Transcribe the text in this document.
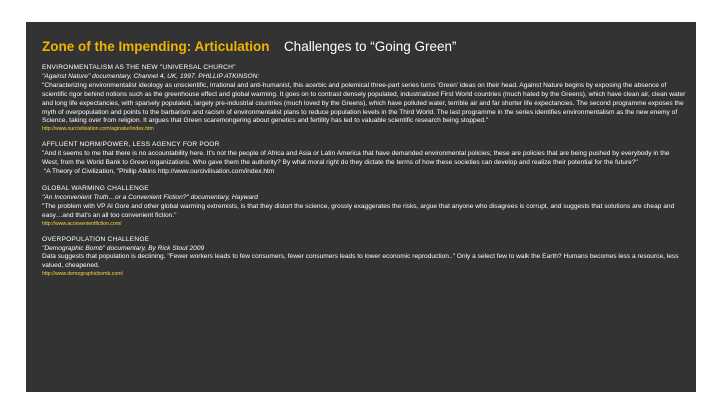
Zone of the Impending: Articulation Challenges to “Going Green”
ENVIRONMENTALISM AS THE NEW "UNIVERSAL CHURCH"
"Against Nature" documentary, Channel 4, UK, 1997. PHILLIP ATKINSON:
"Characterizing environmentalist ideology as unscientific, irrational and anti-humanist, this acerbic and polemical three-part series turns 'Green' ideas on their head. Against Nature begins by exposing the absence of scientific rigor behind notions such as the greenhouse effect and global warming. It goes on to contrast densely populated, industrialized First World countries (much hated by the Greens), which have clean air, clean water and long life expectancies, with sparsely populated, largely pre-industrial countries (much loved by the Greens), which have polluted water, terrible air and far shorter life expectancies. The second programme exposes the myth of overpopulation and points to the barbarism and racism of environmentalist plans to reduce population levels in the Third World. The last programme in the series identifies environmentalism as the new enemy of Science, taking over from religion. It argues that Green scaremongering about genetics and fertility has led to valuable scientific research being stopped."
http://www.ourcivilisation.com/aginatur/index.htm
AFFLUENT NORM/POWER, LESS AGENCY FOR POOR
"And it seems to me that there is no accountability here. It's not the people of Africa and Asia or Latin America that have demanded environmental policies; these are policies that are being pushed by everybody in the West, from the World Bank to Green organizations. Who gave them the authority? By what moral right do they dictate the terms of how these societies can develop and realize their potential for the future?"
“A Theory of Civilization, ”Phillip Atkins http://www.ourcivilisation.com/index.htm
GLOBAL WARMING CHALLENGE
"An Inconvenient Truth…or a Convenient Fiction?" documentary, Hayward
"The problem with VP Al Gore and other global warming extremists, is that they distort the science, grossly exaggerates the risks, argue that anyone who disagrees is corrupt, and suggests that solutions are cheap and easy…and that's an all too convenient fiction."
http://www.aconvenientfiction.com/
OVERPOPULATION CHALLENGE
"Demographic Bomb" documentary, By Rick Stout 2009
Data suggests that population is declining. "Fewer workers leads to few consumers, fewer consumers leads to lower economic reproduction.." Only a select few to walk the Earth? Humans becomes less a resource, less valued, cheapened.
http://www.demographicbomb.com/
